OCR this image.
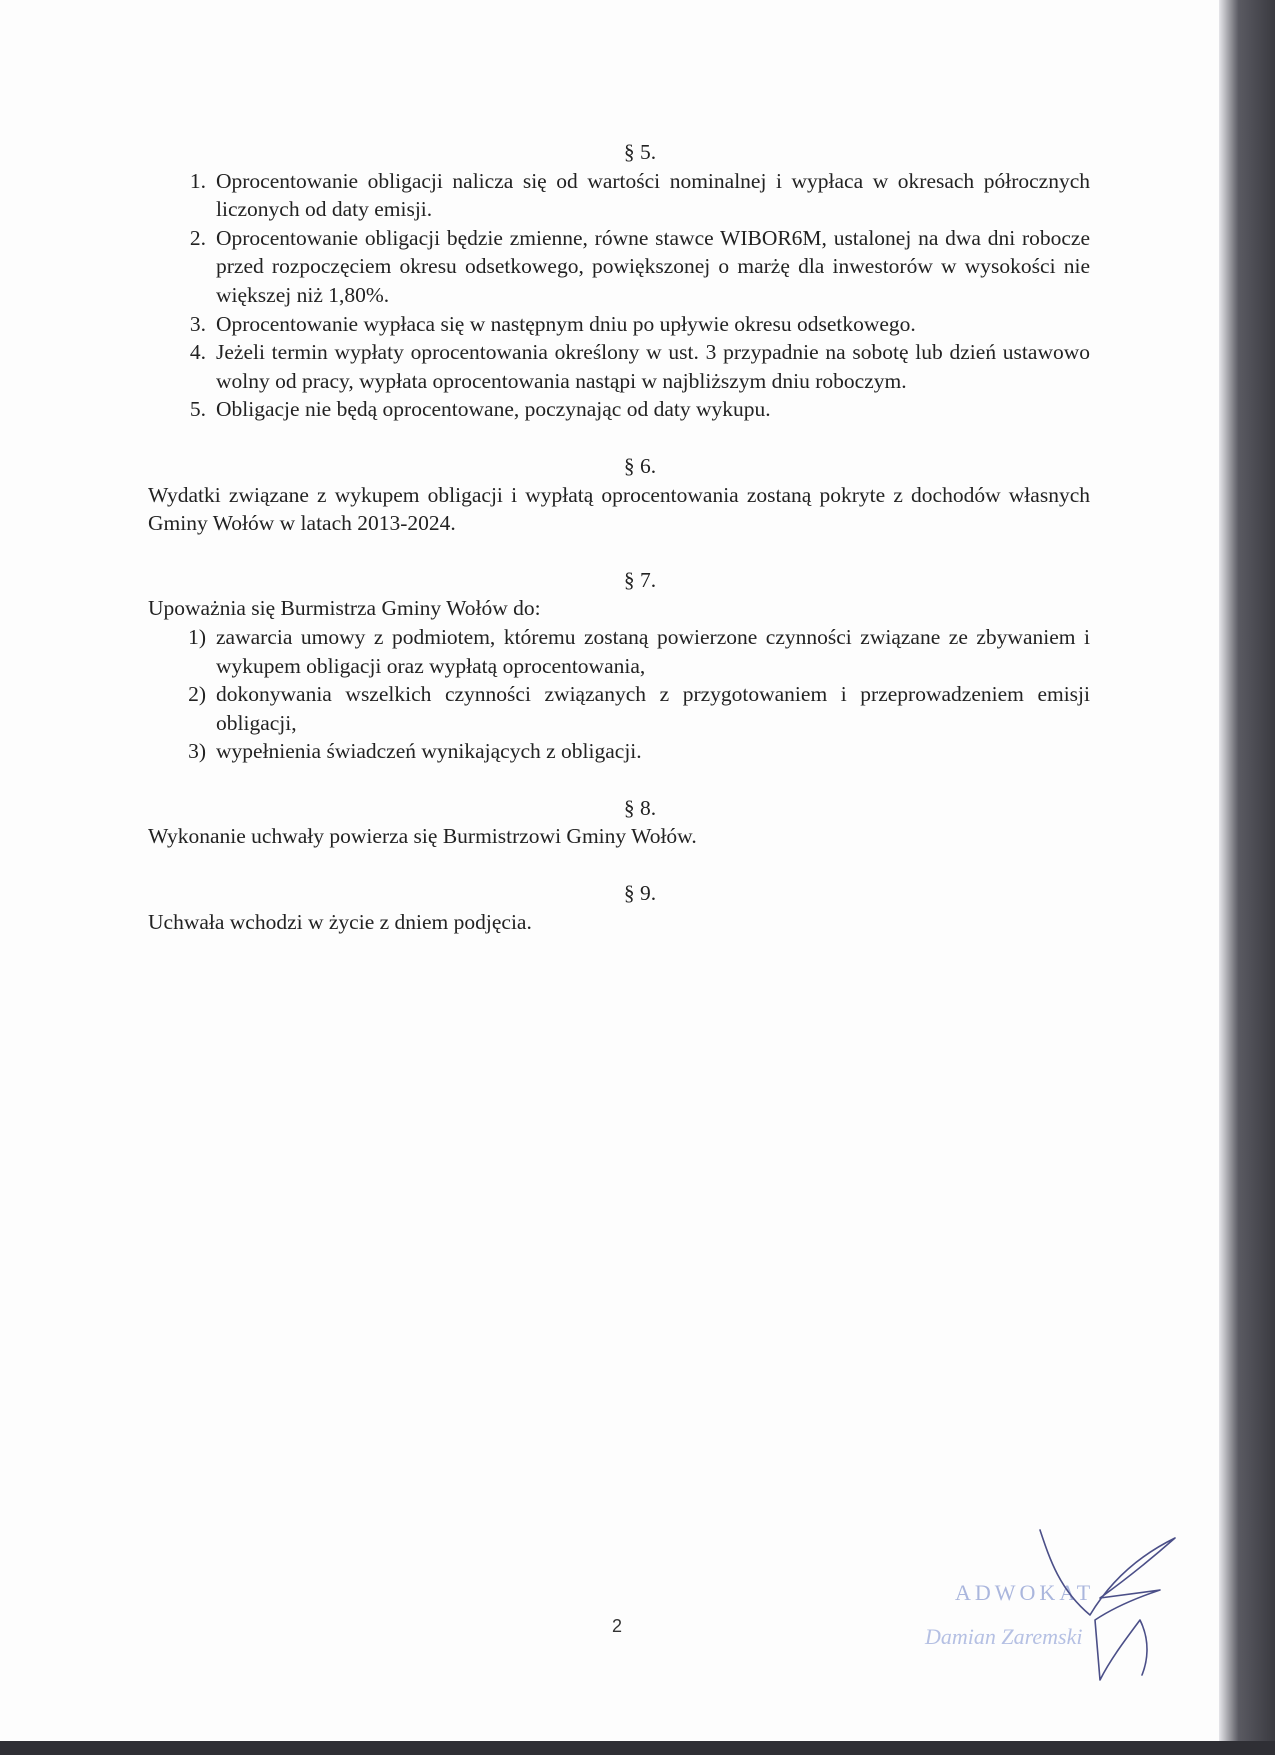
§ 5.
1. Oprocentowanie obligacji nalicza się od wartości nominalnej i wypłaca w okresach półrocznych liczonych od daty emisji.
2. Oprocentowanie obligacji będzie zmienne, równe stawce WIBOR6M, ustalonej na dwa dni robocze przed rozpoczęciem okresu odsetkowego, powiększonej o marżę dla inwestorów w wysokości nie większej niż 1,80%.
3. Oprocentowanie wypłaca się w następnym dniu po upływie okresu odsetkowego.
4. Jeżeli termin wypłaty oprocentowania określony w ust. 3 przypadnie na sobotę lub dzień ustawowo wolny od pracy, wypłata oprocentowania nastąpi w najbliższym dniu roboczym.
5. Obligacje nie będą oprocentowane, poczynając od daty wykupu.
§ 6.

Wydatki związane z wykupem obligacji i wypłatą oprocentowania zostaną pokryte z dochodów własnych Gminy Wołów w latach 2013-2024.

§ 7.

Upoważnia się Burmistrza Gminy Wołów do:

1) zawarcia umowy z podmiotem, któremu zostaną powierzone czynności związane ze zbywaniem i wykupem obligacji oraz wypłatą oprocentowania,
2) dokonywania wszelkich czynności związanych z przygotowaniem i przeprowadzeniem emisji obligacji,
3) wypełnienia świadczeń wynikających z obligacji.
§ 8.

Wykonanie uchwały powierza się Burmistrzowi Gminy Wołów.

§ 9.

Uchwała wchodzi w życie z dniem podjęcia.

2
ADWOKAT
Damian Zaremski
